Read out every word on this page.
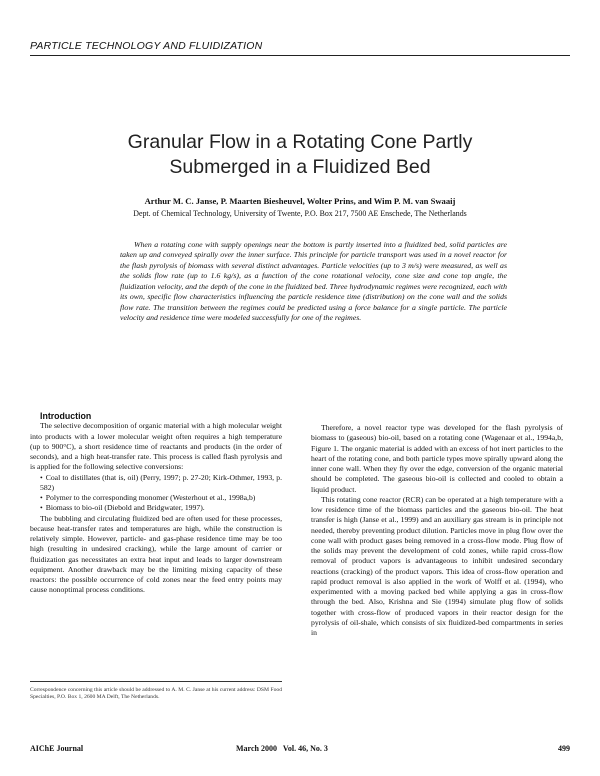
PARTICLE TECHNOLOGY AND FLUIDIZATION
Granular Flow in a Rotating Cone Partly
Submerged in a Fluidized Bed
Arthur M. C. Janse, P. Maarten Biesheuvel, Wolter Prins, and Wim P. M. van Swaaij
Dept. of Chemical Technology, University of Twente, P.O. Box 217, 7500 AE Enschede, The Netherlands

When a rotating cone with supply openings near the bottom is partly inserted into a fluidized bed, solid particles are taken up and conveyed spirally over the inner surface. This principle for particle transport was used in a novel reactor for the flash pyrolysis of biomass with several distinct advantages. Particle velocities (up to 3 m/s) were measured, as well as the solids flow rate (up to 1.6 kg/s), as a function of the cone rotational velocity, cone size and cone top angle, the fluidization velocity, and the depth of the cone in the fluidized bed. Three hydrodynamic regimes were recognized, each with its own, specific flow characteristics influencing the particle residence time (distribution) on the cone wall and the solids flow rate. The transition between the regimes could be predicted using a force balance for a single particle. The particle velocity and residence time were modeled successfully for one of the regimes.

Introduction

The selective decomposition of organic material with a high molecular weight into products with a lower molecular weight often requires a high temperature (up to 900°C), a short residence time of reactants and products (in the order of seconds), and a high heat-transfer rate. This process is called flash pyrolysis and is applied for the following selective conversions:

• Coal to distillates (that is, oil) (Perry, 1997; p. 27-20; Kirk-Othmer, 1993, p. 582)

• Polymer to the corresponding monomer (Westerhout et al., 1998a,b)

• Biomass to bio-oil (Diebold and Bridgwater, 1997).

The bubbling and circulating fluidized bed are often used for these processes, because heat-transfer rates and temperatures are high, while the construction is relatively simple. However, particle- and gas-phase residence time may be too high (resulting in undesired cracking), while the large amount of carrier or fluidization gas necessitates an extra heat input and leads to larger downstream equipment. Another drawback may be the limiting mixing capacity of these reactors: the possible occurrence of cold zones near the feed entry points may cause nonoptimal process conditions.

Therefore, a novel reactor type was developed for the flash pyrolysis of biomass to (gaseous) bio-oil, based on a rotating cone (Wagenaar et al., 1994a,b, Figure 1. The organic material is added with an excess of hot inert particles to the heart of the rotating cone, and both particle types move spirally upward along the inner cone wall. When they fly over the edge, conversion of the organic material should be completed. The gaseous bio-oil is collected and cooled to obtain a liquid product.

This rotating cone reactor (RCR) can be operated at a high temperature with a low residence time of the biomass particles and the gaseous bio-oil. The heat transfer is high (Janse et al., 1999) and an auxiliary gas stream is in principle not needed, thereby preventing product dilution. Particles move in plug flow over the cone wall with product gases being removed in a cross-flow mode. Plug flow of the solids may prevent the development of cold zones, while rapid cross-flow removal of product vapors is advantageous to inhibit undesired secondary reactions (cracking) of the product vapors. This idea of cross-flow operation and rapid product removal is also applied in the work of Wolff et al. (1994), who experimented with a moving packed bed while applying a gas in cross-flow through the bed. Also, Krishna and Sie (1994) simulate plug flow of solids together with cross-flow of produced vapors in their reactor design for the pyrolysis of oil-shale, which consists of six fluidized-bed compartments in series in

Correspondence concerning this article should be addressed to A. M. C. Janse at his current address: DSM Food Specialties, P.O. Box 1, 2600 MA Delft, The Netherlands.
AIChE Journal	March 2000   Vol. 46, No. 3	499
